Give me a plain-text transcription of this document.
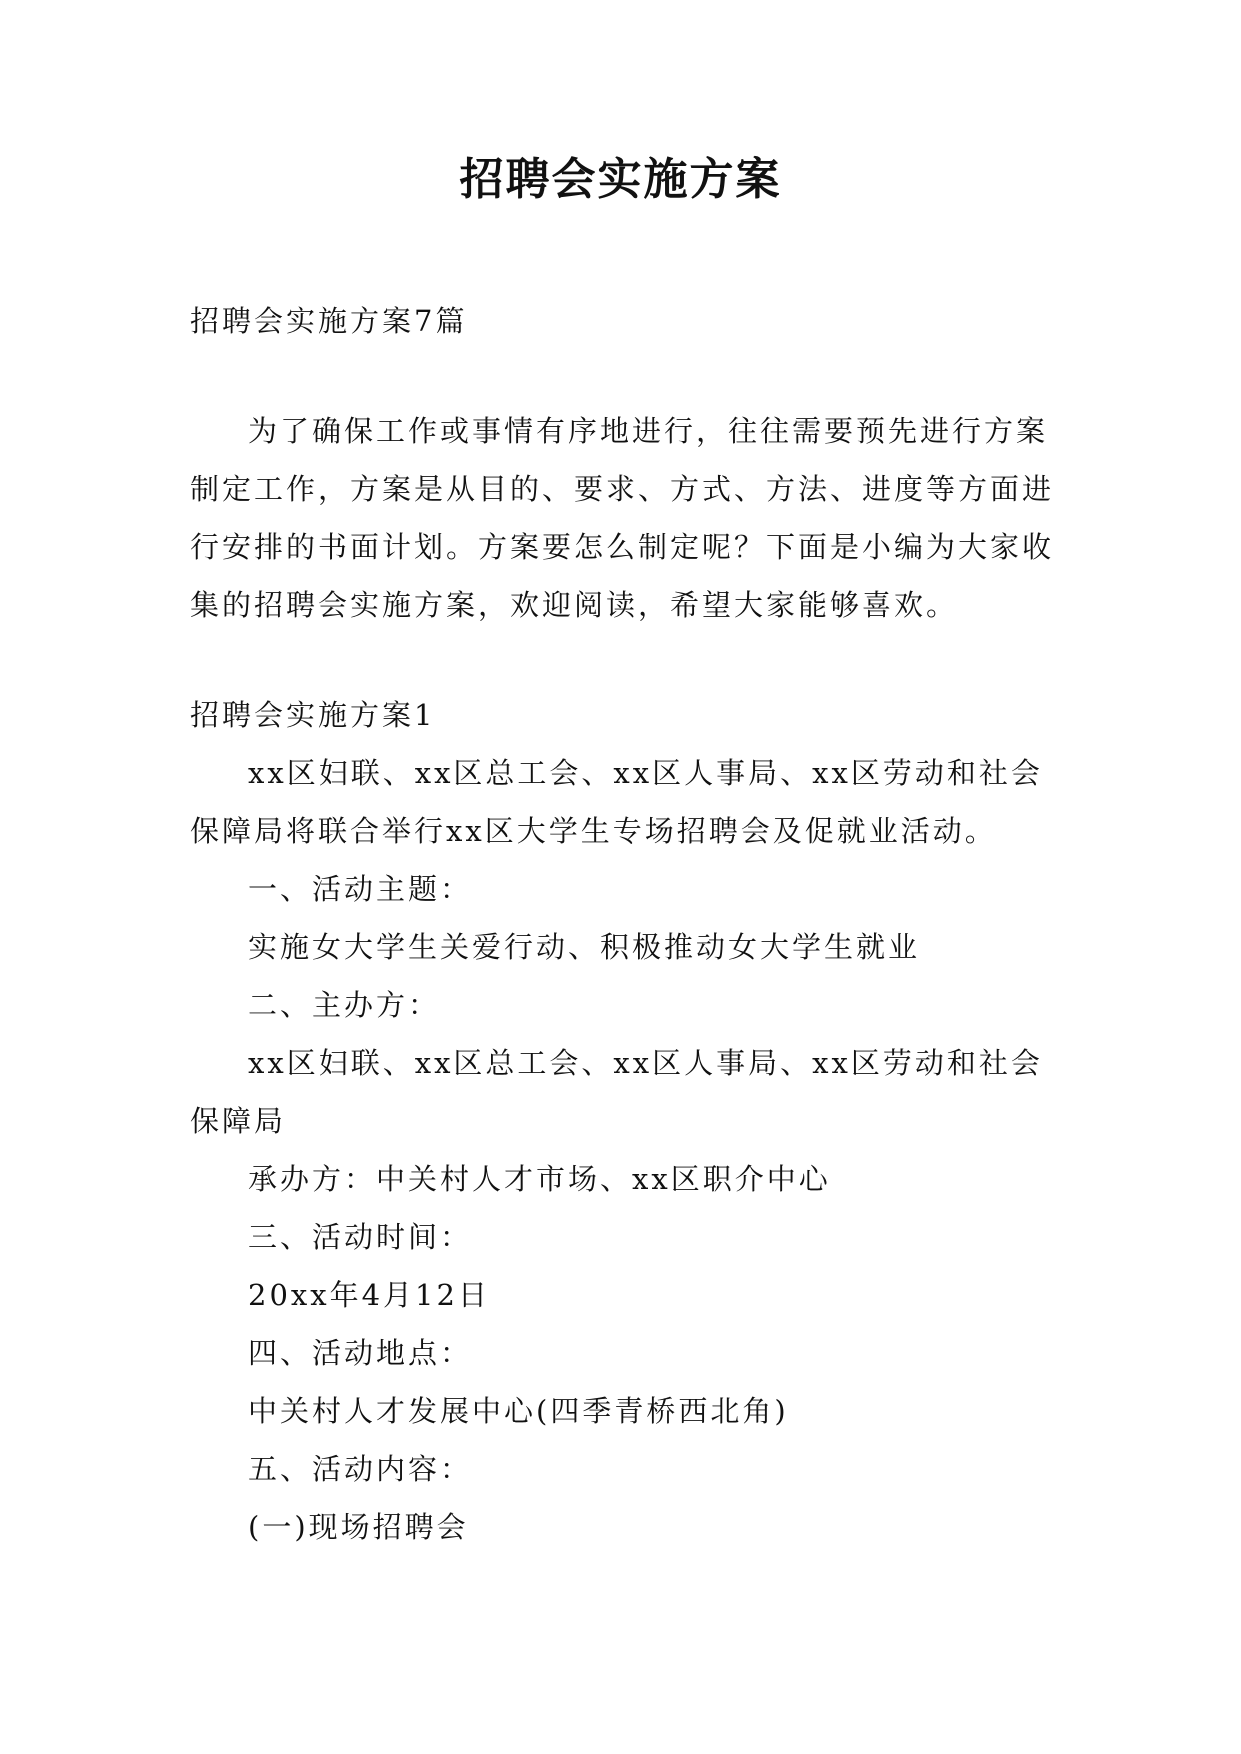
招聘会实施方案

招聘会实施方案7篇

为了确保工作或事情有序地进行，往往需要预先进行方案制定工作，方案是从目的、要求、方式、方法、进度等方面进行安排的书面计划。方案要怎么制定呢？下面是小编为大家收集的招聘会实施方案，欢迎阅读，希望大家能够喜欢。

招聘会实施方案1

xx区妇联、xx区总工会、xx区人事局、xx区劳动和社会保障局将联合举行xx区大学生专场招聘会及促就业活动。

一、活动主题：

实施女大学生关爱行动、积极推动女大学生就业

二、主办方：

xx区妇联、xx区总工会、xx区人事局、xx区劳动和社会保障局

承办方：中关村人才市场、xx区职介中心

三、活动时间：

20xx年4月12日

四、活动地点：

中关村人才发展中心(四季青桥西北角)

五、活动内容：

(一)现场招聘会
